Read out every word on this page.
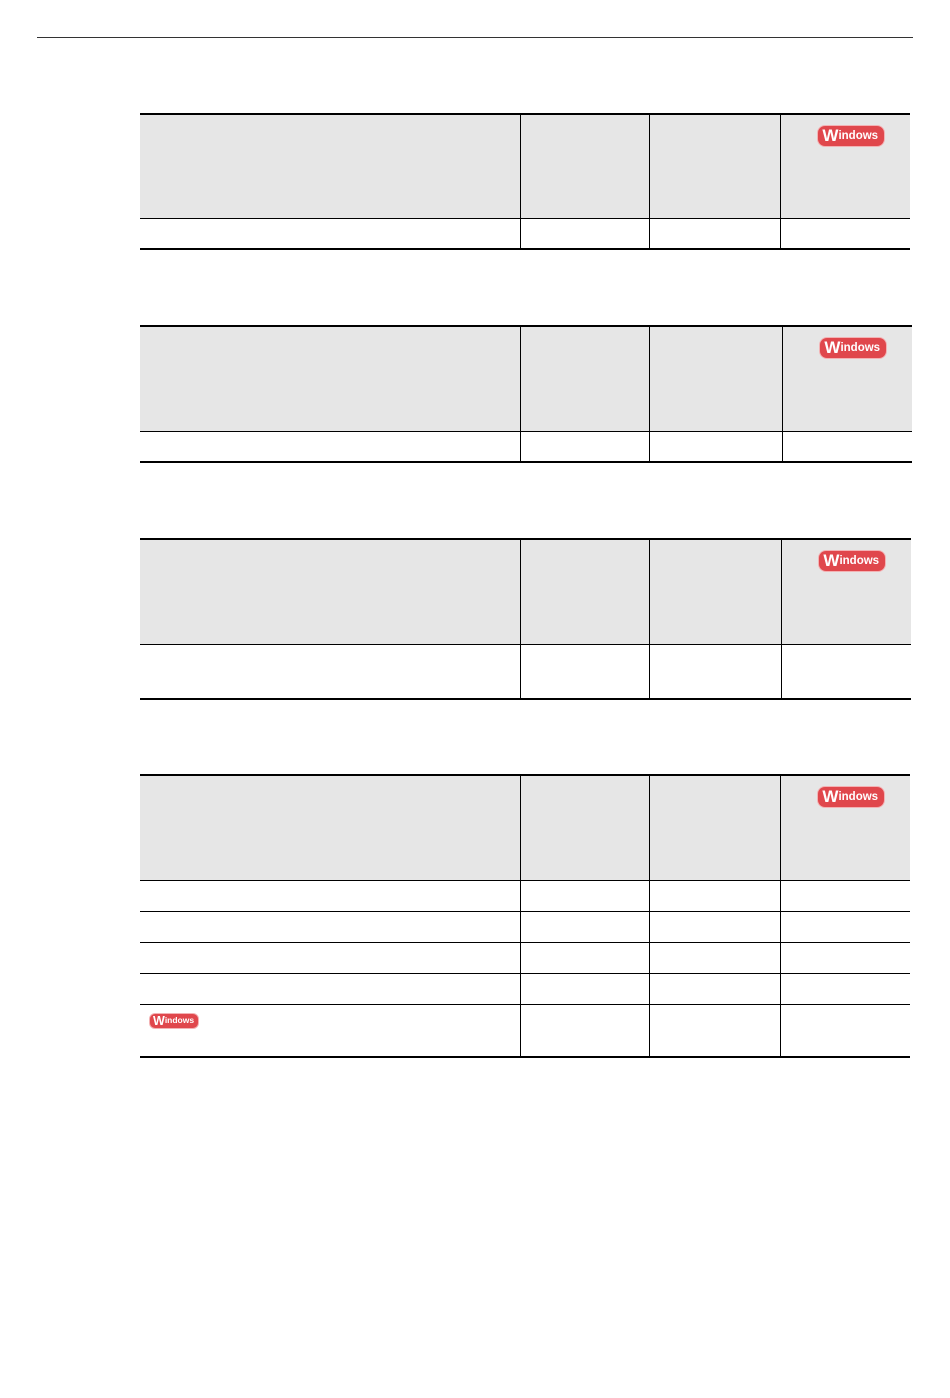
			Windows

			Windows

			Windows

			Windows

Windows			
